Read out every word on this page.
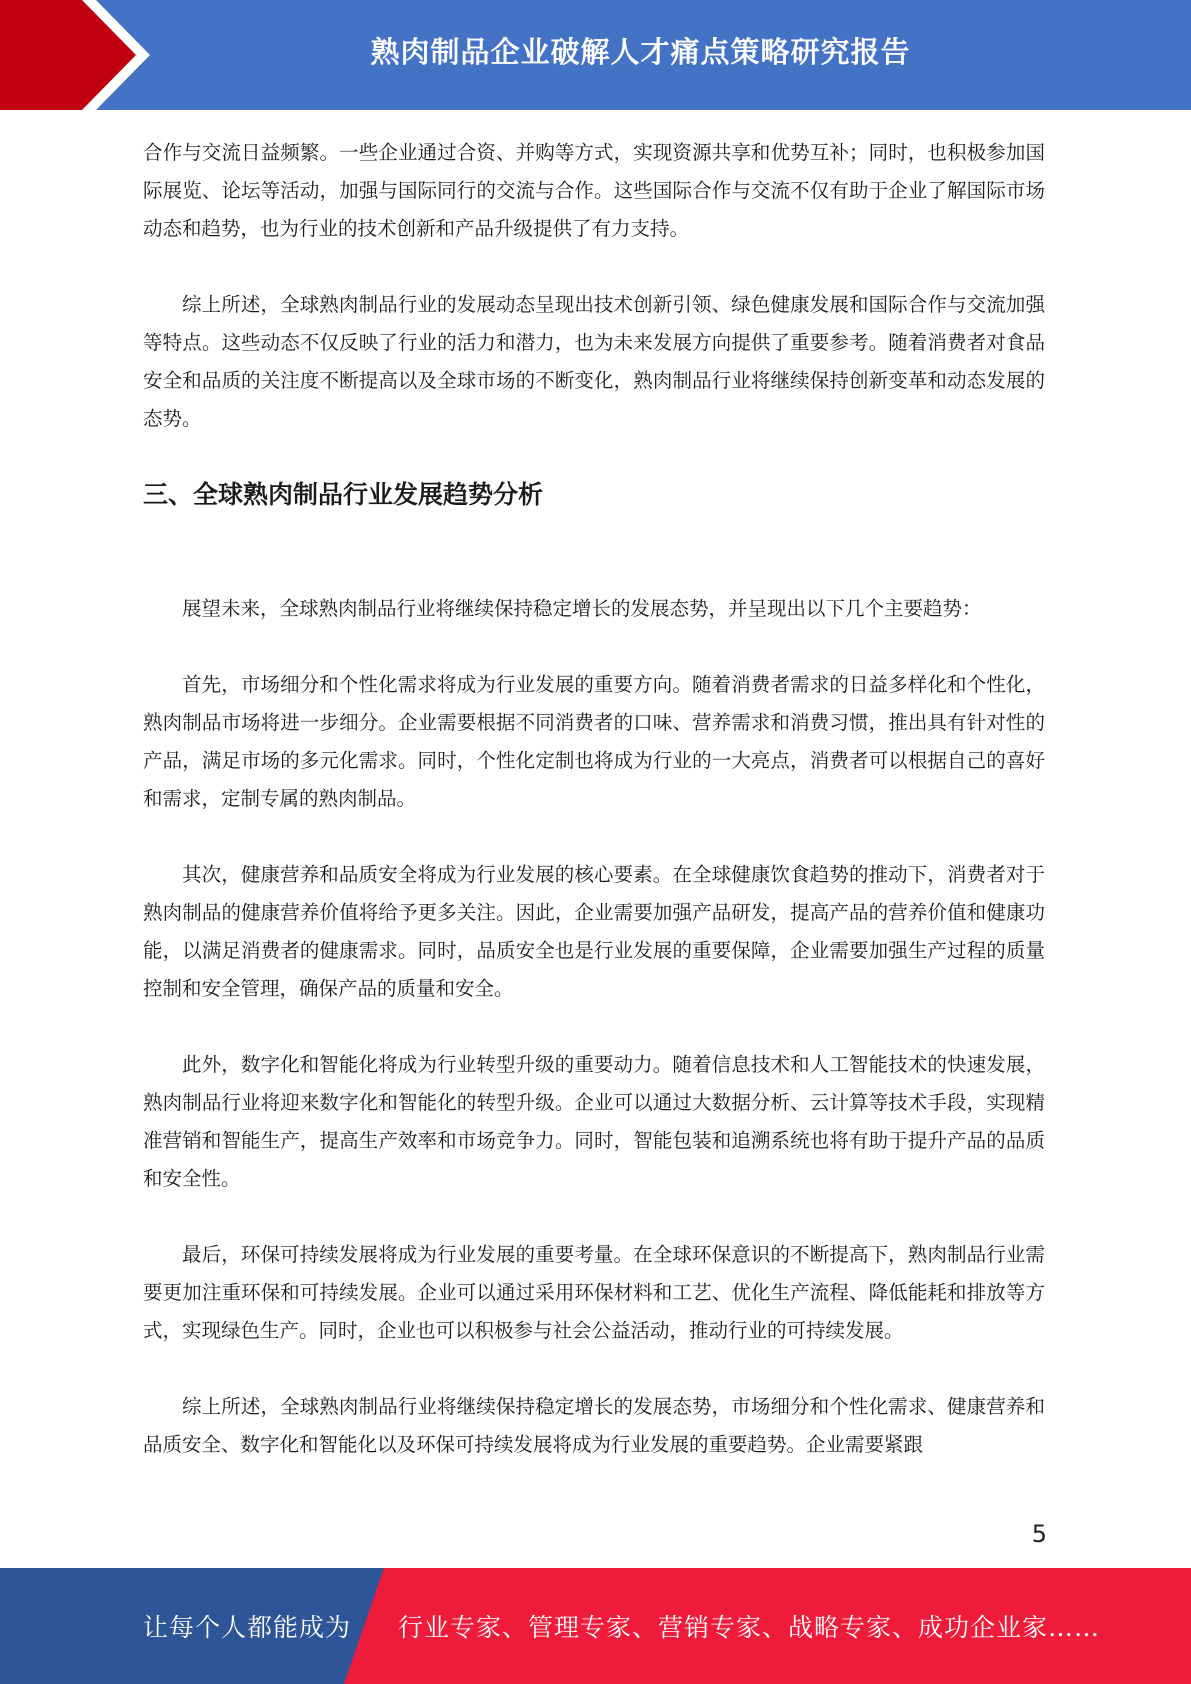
熟肉制品企业破解人才痛点策略研究报告

合作与交流日益频繁。一些企业通过合资、并购等方式，实现资源共享和优势互补；同时，也积极参加国际展览、论坛等活动，加强与国际同行的交流与合作。这些国际合作与交流不仅有助于企业了解国际市场动态和趋势，也为行业的技术创新和产品升级提供了有力支持。

综上所述，全球熟肉制品行业的发展动态呈现出技术创新引领、绿色健康发展和国际合作与交流加强等特点。这些动态不仅反映了行业的活力和潜力，也为未来发展方向提供了重要参考。随着消费者对食品安全和品质的关注度不断提高以及全球市场的不断变化，熟肉制品行业将继续保持创新变革和动态发展的态势。

三、全球熟肉制品行业发展趋势分析

展望未来，全球熟肉制品行业将继续保持稳定增长的发展态势，并呈现出以下几个主要趋势：

首先，市场细分和个性化需求将成为行业发展的重要方向。随着消费者需求的日益多样化和个性化，熟肉制品市场将进一步细分。企业需要根据不同消费者的口味、营养需求和消费习惯，推出具有针对性的产品，满足市场的多元化需求。同时，个性化定制也将成为行业的一大亮点，消费者可以根据自己的喜好和需求，定制专属的熟肉制品。

其次，健康营养和品质安全将成为行业发展的核心要素。在全球健康饮食趋势的推动下，消费者对于熟肉制品的健康营养价值将给予更多关注。因此，企业需要加强产品研发，提高产品的营养价值和健康功能，以满足消费者的健康需求。同时，品质安全也是行业发展的重要保障，企业需要加强生产过程的质量控制和安全管理，确保产品的质量和安全。

此外，数字化和智能化将成为行业转型升级的重要动力。随着信息技术和人工智能技术的快速发展，熟肉制品行业将迎来数字化和智能化的转型升级。企业可以通过大数据分析、云计算等技术手段，实现精准营销和智能生产，提高生产效率和市场竞争力。同时，智能包装和追溯系统也将有助于提升产品的品质和安全性。

最后，环保可持续发展将成为行业发展的重要考量。在全球环保意识的不断提高下，熟肉制品行业需要更加注重环保和可持续发展。企业可以通过采用环保材料和工艺、优化生产流程、降低能耗和排放等方式，实现绿色生产。同时，企业也可以积极参与社会公益活动，推动行业的可持续发展。

综上所述，全球熟肉制品行业将继续保持稳定增长的发展态势，市场细分和个性化需求、健康营养和品质安全、数字化和智能化以及环保可持续发展将成为行业发展的重要趋势。企业需要紧跟

5
让每个人都能成为 行业专家、管理专家、营销专家、战略专家、成功企业家……
